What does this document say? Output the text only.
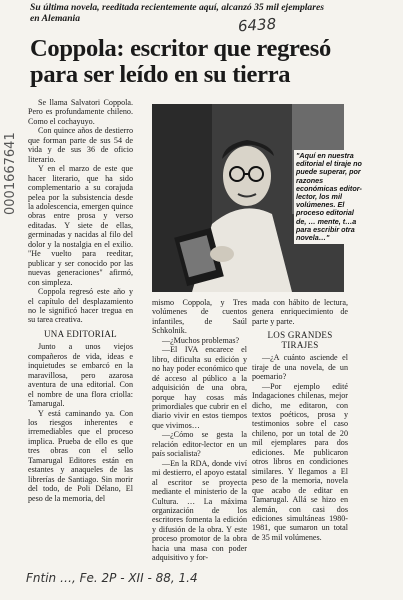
Su última novela, reeditada recientemente aquí, alcanzó 35 mil ejemplares en Alemania	6438
Coppola: escritor que regresó para ser leído en su tierra
0001667641

Se llama Salvatori Coppola. Pero es profundamente chileno. Como el cochayuyo.

Con quince años de destierro que forman parte de sus 54 de vida y de sus 36 de oficio literario.

Y en el marzo de este que hacer literario, que ha sido complementario a su corajuda pelea por la subsistencia desde la adolescencia, emergen quince obras entre prosa y verso editadas. Y siete de ellas, germinadas y nacidas al filo del dolor y la nostalgia en el exilio. "He vuelto para reeditar, publicar y ser conocido por las nuevas generaciones" afirmó, con simpleza.

Coppola regresó este año y el capítulo del desplazamiento no le significó hacer tregua en su tarea creativa.

UNA EDITORIAL

Junto a unos viejos compañeros de vida, ideas e inquietudes se embarcó en la maravillosa, pero azarosa aventura de una editorial. Con el nombre de una flora criolla: Tamarugal.

Y está caminando ya. Con los riesgos inherentes e irremediables que el proceso implica. Prueba de ello es que tres obras con el sello Tamarugal Editores están en estantes y anaqueles de las librerías de Santiago. Sin morir del todo, de Poli Délano, El peso de la memoria, del

"Aquí en nuestra editorial el tiraje no puede superar, por razones económicas editor-lector, los mil volúmenes. El proceso editorial de, … mente, t…a para escribir otra novela…"

mismo Coppola, y Tres volúmenes de cuentos infantiles, de Saúl Schkolnik.

—¿Muchos problemas?

—El IVA encarece el libro, dificulta su edición y no hay poder económico que dé acceso al público a la adquisición de una obra, porque hay cosas más primordiales que cubrir en el diario vivir en estos tiempos que vivimos…

—¿Cómo se gesta la relación editor-lector en un país socialista?

—En la RDA, donde viví mi destierro, el apoyo estatal al escritor se proyecta mediante el ministerio de la Cultura. … La máxima organización de los escritores fomenta la edición y difusión de la obra. Y este proceso promotor de la obra hacia una masa con poder adquisitivo y for-

mada con hábito de lectura, genera enriquecimiento de parte y parte.

LOS GRANDES TIRAJES

—¿A cuánto asciende el tiraje de una novela, de un poemario?

—Por ejemplo edité Indagaciones chilenas, mejor dicho, me editaron, con textos poéticos, prosa y testimonios sobre el caso chileno, por un total de 20 mil ejemplares para dos ediciones. Me publicaron otros libros en condiciones similares. Y llegamos a El peso de la memoria, novela que acabo de editar en Tamarugal. Allá se hizo en alemán, con casi dos ediciones simultáneas 1980-1981, que sumaron un total de 35 mil volúmenes.

Fntin …, Fe. 2P - XII - 88, 1.4
